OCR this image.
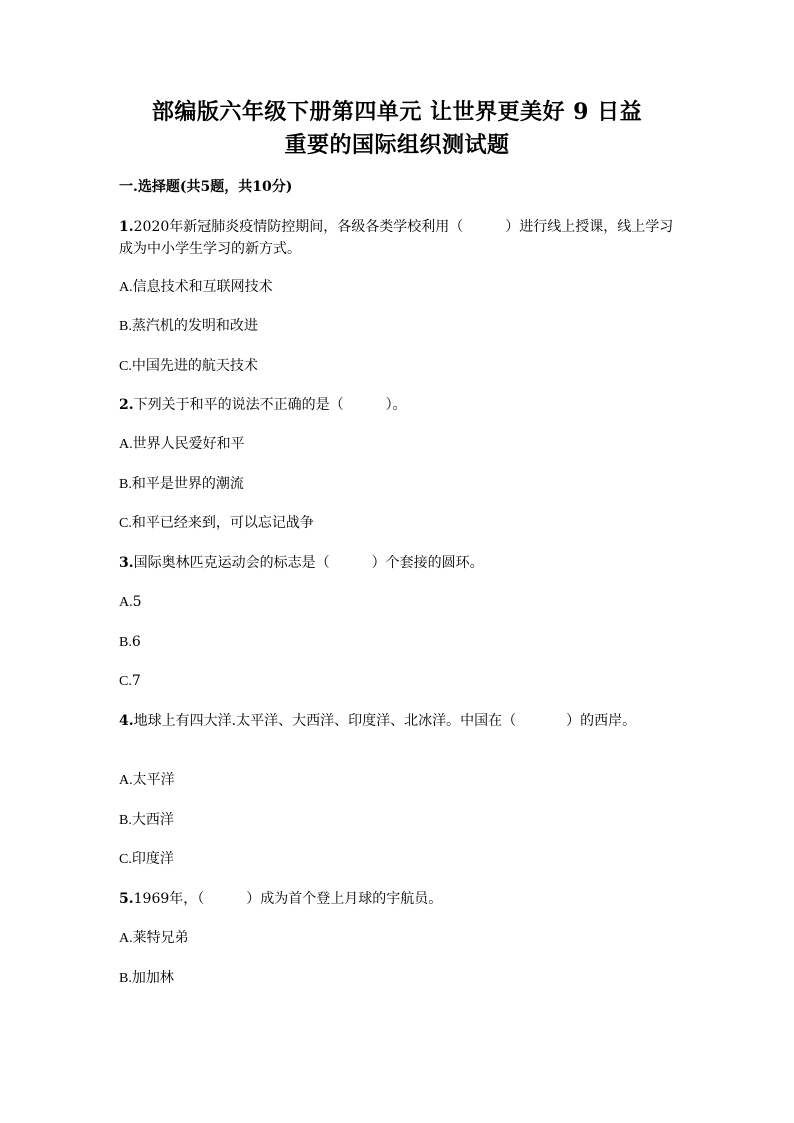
部编版六年级下册第四单元 让世界更美好 9 日益
重要的国际组织测试题
一.选择题(共5题，共10分)
1.2020年新冠肺炎疫情防控期间，各级各类学校利用（	）进行线上授课，线上学习成为中小学生学习的新方式。
A.信息技术和互联网技术
B.蒸汽机的发明和改进
C.中国先进的航天技术
2.下列关于和平的说法不正确的是（	）。
A.世界人民爱好和平
B.和平是世界的潮流
C.和平已经来到，可以忘记战争
3.国际奥林匹克运动会的标志是（	）个套接的圆环。
A.5
B.6
C.7
4.地球上有四大洋.太平洋、大西洋、印度洋、北冰洋。中国在（	）的西岸。
A.太平洋
B.大西洋
C.印度洋
5.1969年，（	）成为首个登上月球的宇航员。
A.莱特兄弟
B.加加林
